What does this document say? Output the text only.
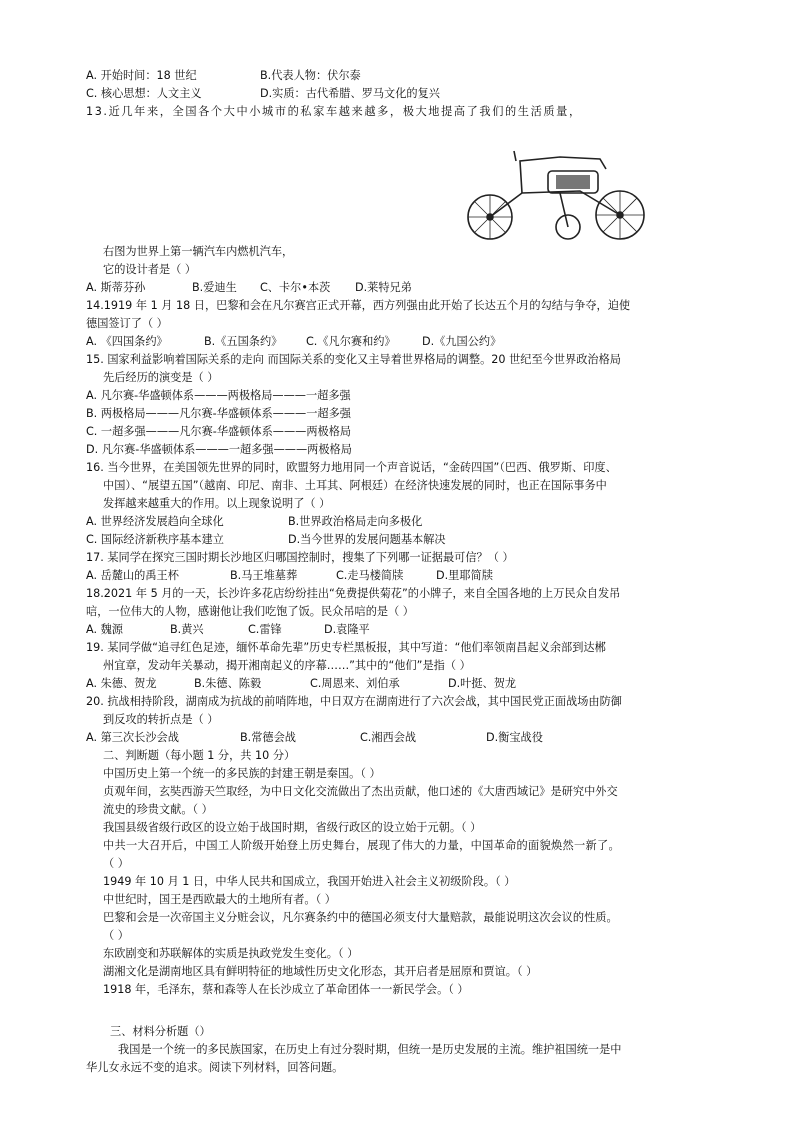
A. 开始时间：18 世纪	B.代表人物：伏尔泰
C. 核心思想：人文主义	D.实质：古代希腊、罗马文化的复兴
13.近几年来，全国各个大中小城市的私家车越来越多，极大地提高了我们的生活质量，
右图为世界上第一辆汽车内燃机汽车，
它的设计者是（ ）
A. 斯蒂芬孙	B.爱迪生 C、卡尔•本茨 D.莱特兄弟
14.1919 年 1 月 18 日，巴黎和会在凡尔赛宫正式开幕，西方列强由此开始了长达五个月的勾结与争夺，迫使
德国签订了（ ）
A. 《四国条约》	B.《五国条约》 C.《凡尔赛和约》 D.《九国公约》
15. 国家利益影响着国际关系的走向 而国际关系的变化又主导着世界格局的调整。20 世纪至今世界政治格局
先后经历的演变是（ ）
A. 凡尔赛-华盛顿体系———两极格局———一超多强
B. 两极格局———凡尔赛-华盛顿体系———一超多强
C. 一超多强———凡尔赛-华盛顿体系———两极格局
D. 凡尔赛-华盛顿体系———一超多强———两极格局
16. 当今世界，在美国领先世界的同时，欧盟努力地用同一个声音说话，“金砖四国”（巴西、俄罗斯、印度、
中国）、“展望五国”（越南、印尼、南非、土耳其、阿根廷）在经济快速发展的同时，也正在国际事务中
发挥越来越重大的作用。以上现象说明了（ ）
A. 世界经济发展趋向全球化	B.世界政治格局走向多极化
C. 国际经济新秩序基本建立	D.当今世界的发展问题基本解决
17. 某同学在探究三国时期长沙地区归哪国控制时，搜集了下列哪一证据最可信？（ ）
A. 岳麓山的禹王杯	B.马王堆墓葬	C.走马楼简牍	D.里耶简牍
18.2021 年 5 月的一天，长沙许多花店纷纷挂出“免费提供菊花”的小牌子，来自全国各地的上万民众自发吊
唁，一位伟大的人物，感谢他让我们吃饱了饭。民众吊唁的是（ ）
A. 魏源	B.黄兴	C.雷锋	D.袁隆平
19. 某同学做“追寻红色足迹，缅怀革命先辈”历史专栏黑板报，其中写道：“他们率领南昌起义余部到达郴
州宜章，发动年关暴动，揭开湘南起义的序幕……”其中的“他们”是指（ ）
A. 朱德、贺龙	B.朱德、陈毅	C.周恩来、刘伯承	D.叶挺、贺龙
20. 抗战相持阶段，湖南成为抗战的前哨阵地，中日双方在湖南进行了六次会战，其中国民党正面战场由防御
到反攻的转折点是（ ）
A. 第三次长沙会战	B.常德会战	C.湘西会战	D.衡宝战役
二、判断题（每小题 1 分，共 10 分）
中国历史上第一个统一的多民族的封建王朝是秦国。（ ）
贞观年间，玄奘西游天竺取经，为中日文化交流做出了杰出贡献，他口述的《大唐西域记》是研究中外交
流史的珍贵文献。（ ）
我国县级省级行政区的设立始于战国时期，省级行政区的设立始于元朝。（ ）
中共一大召开后，中国工人阶级开始登上历史舞台，展现了伟大的力量，中国革命的面貌焕然一新了。
（ ）
1949 年 10 月 1 日，中华人民共和国成立，我国开始进入社会主义初级阶段。（ ）
中世纪时，国王是西欧最大的土地所有者。（ ）
巴黎和会是一次帝国主义分赃会议，凡尔赛条约中的德国必须支付大量赔款，最能说明这次会议的性质。
（ ）
东欧剧变和苏联解体的实质是执政党发生变化。（ ）
湖湘文化是湖南地区具有鲜明特征的地域性历史文化形态，其开启者是屈原和贾谊。（ ）
1918 年，毛泽东，蔡和森等人在长沙成立了革命团体一一新民学会。（ ）
三、材料分析题（）
我国是一个统一的多民族国家，在历史上有过分裂时期，但统一是历史发展的主流。维护祖国统一是中
华儿女永远不变的追求。阅读下列材料，回答问题。
